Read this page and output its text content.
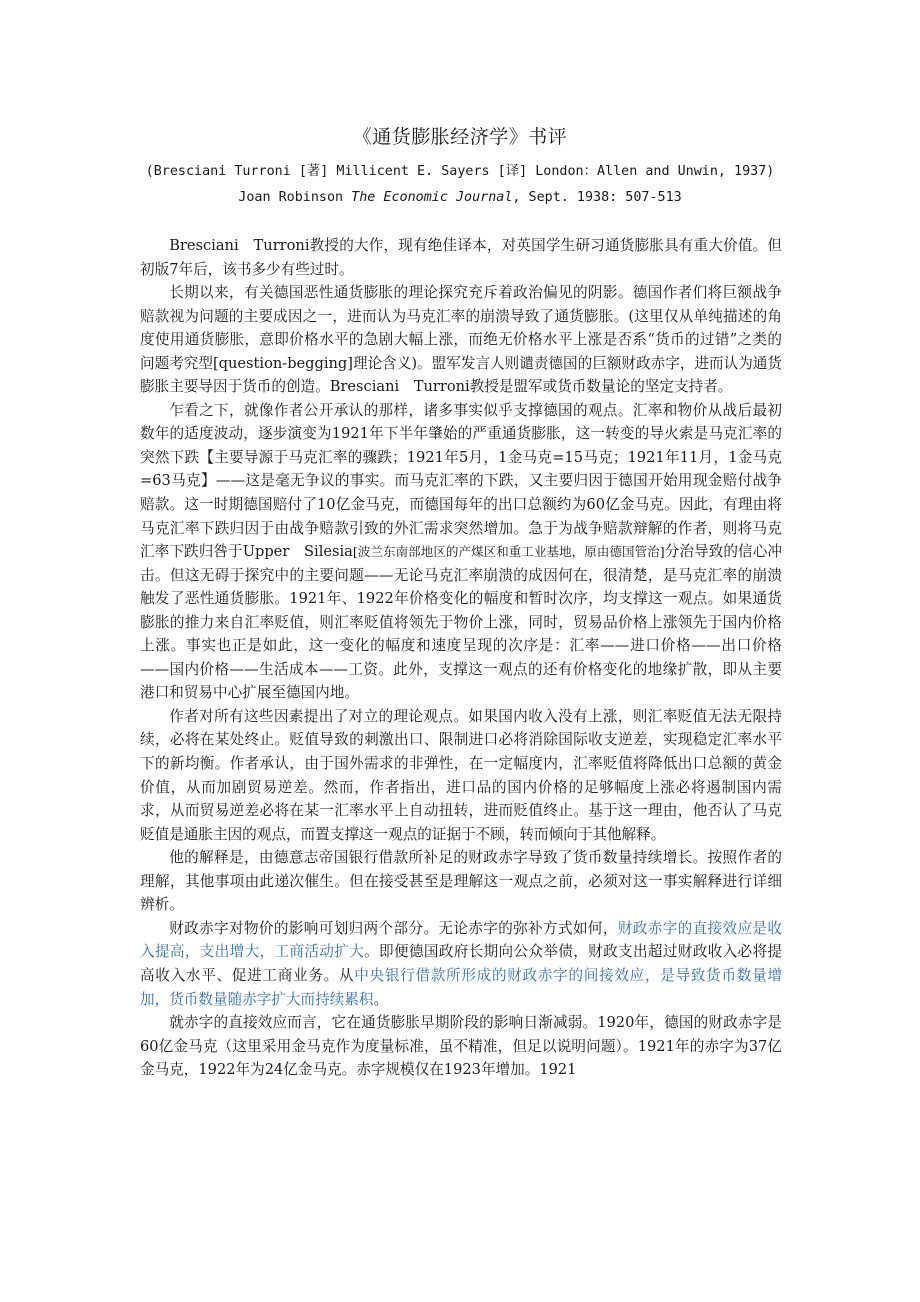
《通货膨胀经济学》书评
(Bresciani Turroni [著] Millicent E. Sayers [译] London：Allen and Unwin, 1937)
Joan Robinson The Economic Journal, Sept. 1938: 507-513

Bresciani　Turroni教授的大作，现有绝佳译本，对英国学生研习通货膨胀具有重大价值。但初版7年后，该书多少有些过时。

长期以来，有关德国恶性通货膨胀的理论探究充斥着政治偏见的阴影。德国作者们将巨额战争赔款视为问题的主要成因之一，进而认为马克汇率的崩溃导致了通货膨胀。(这里仅从单纯描述的角度使用通货膨胀，意即价格水平的急剧大幅上涨，而绝无价格水平上涨是否系“货币的过错”之类的问题考究型[question-begging]理论含义)。盟军发言人则谴责德国的巨额财政赤字，进而认为通货膨胀主要导因于货币的创造。Bresciani　Turroni教授是盟军或货币数量论的坚定支持者。

乍看之下，就像作者公开承认的那样，诸多事实似乎支撑德国的观点。汇率和物价从战后最初数年的适度波动，逐步演变为1921年下半年肇始的严重通货膨胀，这一转变的导火索是马克汇率的突然下跌【主要导源于马克汇率的骤跌；1921年5月，1金马克=15马克；1921年11月，1金马克=63马克】——这是毫无争议的事实。而马克汇率的下跌，又主要归因于德国开始用现金赔付战争赔款。这一时期德国赔付了10亿金马克，而德国每年的出口总额约为60亿金马克。因此，有理由将马克汇率下跌归因于由战争赔款引致的外汇需求突然增加。急于为战争赔款辩解的作者，则将马克汇率下跌归咎于Upper　Silesia[波兰东南部地区的产煤区和重工业基地，原由德国管治]分治导致的信心冲击。但这无碍于探究中的主要问题——无论马克汇率崩溃的成因何在，很清楚，是马克汇率的崩溃触发了恶性通货膨胀。1921年、1922年价格变化的幅度和暂时次序，均支撑这一观点。如果通货膨胀的推力来自汇率贬值，则汇率贬值将领先于物价上涨，同时，贸易品价格上涨领先于国内价格上涨。事实也正是如此，这一变化的幅度和速度呈现的次序是：汇率——进口价格——出口价格——国内价格——生活成本——工资。此外，支撑这一观点的还有价格变化的地缘扩散，即从主要港口和贸易中心扩展至德国内地。

作者对所有这些因素提出了对立的理论观点。如果国内收入没有上涨，则汇率贬值无法无限持续，必将在某处终止。贬值导致的刺激出口、限制进口必将消除国际收支逆差，实现稳定汇率水平下的新均衡。作者承认，由于国外需求的非弹性，在一定幅度内，汇率贬值将降低出口总额的黄金价值，从而加剧贸易逆差。然而，作者指出，进口品的国内价格的足够幅度上涨必将遏制国内需求，从而贸易逆差必将在某一汇率水平上自动扭转，进而贬值终止。基于这一理由，他否认了马克贬值是通胀主因的观点，而置支撑这一观点的证据于不顾，转而倾向于其他解释。

他的解释是，由德意志帝国银行借款所补足的财政赤字导致了货币数量持续增长。按照作者的理解，其他事项由此递次催生。但在接受甚至是理解这一观点之前，必须对这一事实解释进行详细辨析。

财政赤字对物价的影响可划归两个部分。无论赤字的弥补方式如何，财政赤字的直接效应是收入提高，支出增大，工商活动扩大。即便德国政府长期向公众举债，财政支出超过财政收入必将提高收入水平、促进工商业务。从中央银行借款所形成的财政赤字的间接效应，是导致货币数量增加，货币数量随赤字扩大而持续累积。

就赤字的直接效应而言，它在通货膨胀早期阶段的影响日渐减弱。1920年，德国的财政赤字是60亿金马克（这里采用金马克作为度量标准，虽不精准，但足以说明问题）。1921年的赤字为37亿金马克，1922年为24亿金马克。赤字规模仅在1923年增加。1921
